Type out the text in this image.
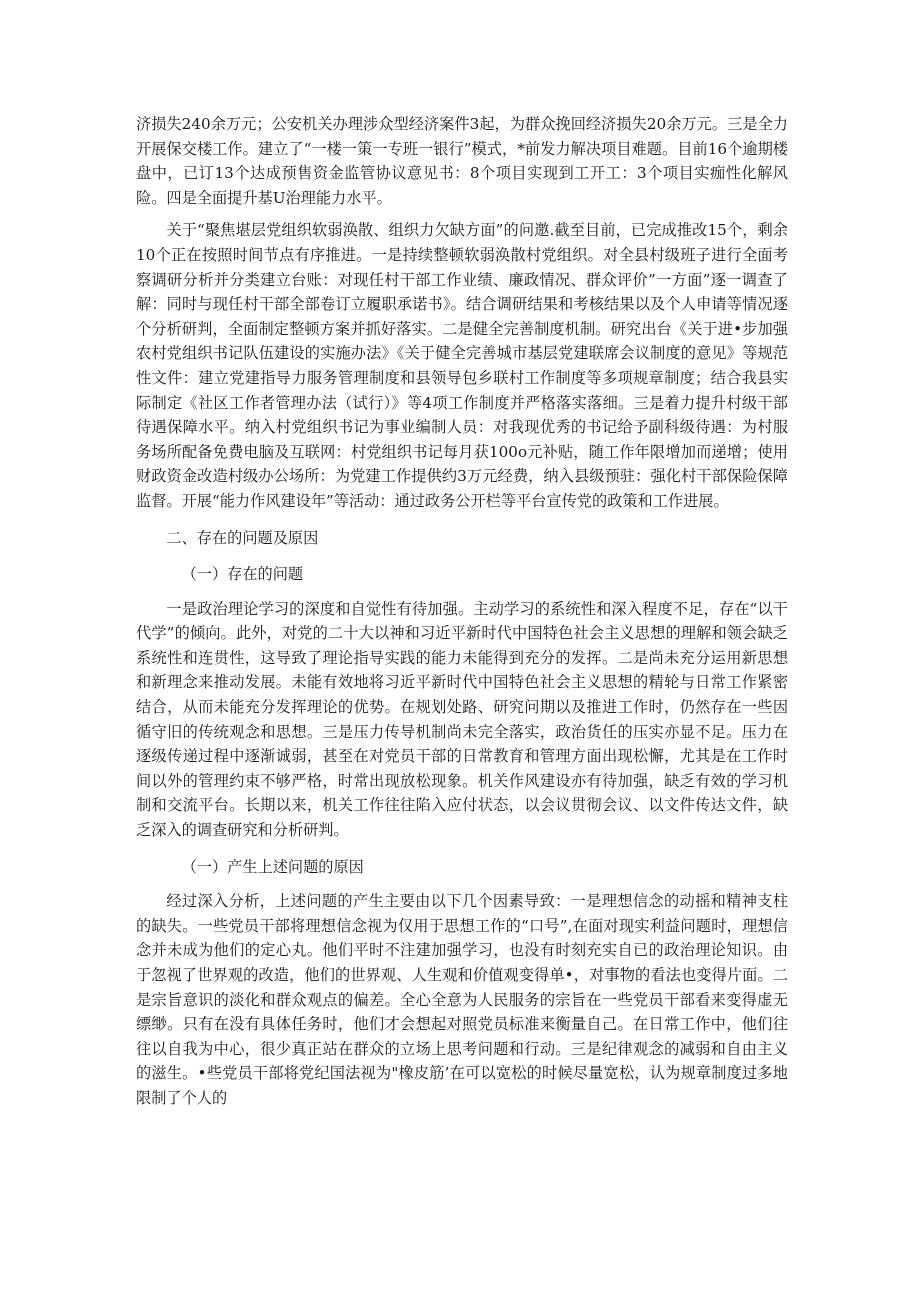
济损失240余万元；公安机关办理涉众型经济案件3起，为群众挽回经济损失20余万元。三是全力开展保交楼工作。建立了“一楼一策一专班一银行”模式，*前发力解决项目难题。目前16个逾期楼盘中，已订13个达成预售资金监管协议意见书：8个项目实现到工开工：3个项目实痂性化解风险。四是全面提升基U治理能力水平。

关于“聚焦堪层党组织软弱涣散、组织力欠缺方面”的问邀.截至目前，已完成推改15个，剩余10个正在按照时间节点有序推进。一是持续整顿软弱涣散村党组织。对全县村级班子进行全面考察调研分析并分类建立台账：对现任村干部工作业绩、廉政情况、群众评价”一方面”逐一调查了解：同时与现任村干部全部卷订立履职承诺书》。结合调研结果和考核结果以及个人申请等情况逐个分析研判，全面制定整顿方案并抓好落实。二是健全完善制度机制。研究出台《关于进•步加强农村党组织书记队伍建设的实施办法》《关于健全完善城市基层党建联席会议制度的意见》等规范性文件：建立党建指导力服务管理制度和县领导包乡联村工作制度等多项规章制度；结合我县实际制定《社区工作者管理办法（试行）》等4项工作制度并严格落实落细。三是着力提升村级干部待遇保障水平。纳入村党组织书记为事业编制人员：对我现优秀的书记给予副科级待遇：为村服务场所配备免费电脑及互联网：村党组织书记每月获100o元补贴，随工作年限增加而递增；使用财政资金改造村级办公场所：为党建工作提供约3万元经费，纳入县级预驻：强化村干部保险保障监督。开展“能力作风建设年”等活动：通过政务公开栏等平台宣传党的政策和工作进展。

二、存在的问题及原因
（一）存在的问题

一是政治理论学习的深度和自觉性有待加强。主动学习的系统性和深入程度不足，存在“以干代学”的倾向。此外，对党的二十大以神和习近平新时代中国特色社会主义思想的理解和领会缺乏系统性和连贯性，这导致了理论指导实践的能力未能得到充分的发挥。二是尚未充分运用新思想和新理念来推动发展。未能有效地将习近平新时代中国特色社会主义思想的精轮与日常工作紧密结合，从而未能充分发挥理论的优势。在规划处路、研究问期以及推进工作时，仍然存在一些因循守旧的传统观念和思想。三是压力传导机制尚未完全落实，政治货任的压实亦显不足。压力在逐级传递过程中逐渐诚弱，甚至在对党员干部的日常教育和管理方面出现松懈，尤其是在工作时间以外的管理约束不够严格，时常出现放松现象。机关作风建设亦有待加强，缺乏有效的学习机制和交流平台。长期以来，机关工作往往陷入应付状态，以会议贯彻会议、以文件传达文件，缺乏深入的调查研究和分析研判。

（一）产生上述问题的原因

经过深入分析，上述问题的产生主要由以下几个因素导致：一是理想信念的动摇和精神支柱的缺失。一些党员干部将理想信念视为仅用于思想工作的“口号”,在面对现实利益问题时，理想信念并未成为他们的定心丸。他们平时不注建加强学习，也没有时刻充实自已的政治理论知识。由于忽视了世界观的改造，他们的世界观、人生观和价值观变得单•，对事物的看法也变得片面。二是宗旨意识的淡化和群众观点的偏差。全心全意为人民服务的宗旨在一些党员干部看来变得虚无缥缈。只有在没有具体任务时，他们才会想起对照党员标准来衡量自己。在日常工作中，他们往往以自我为中心，很少真正站在群众的立场上思考问题和行动。三是纪律观念的减弱和自由主义的滋生。•些党员干部将党纪国法视为"橡皮筋’在可以宽松的时候尽量宽松，认为规章制度过多地限制了个人的
